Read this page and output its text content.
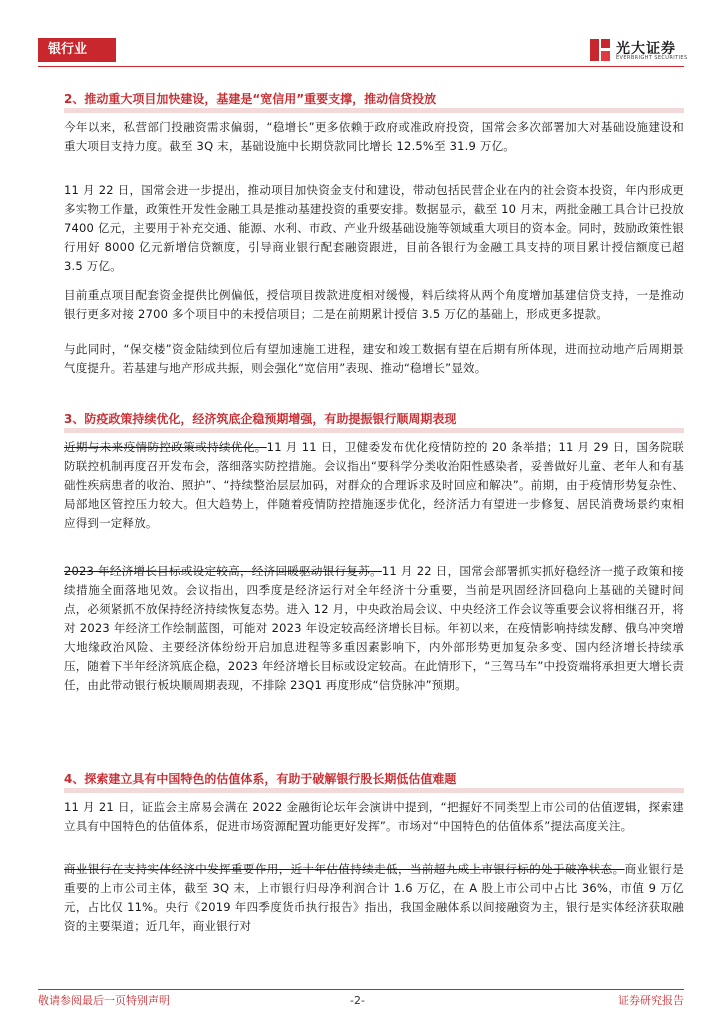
银行业	光大证券
EVERBRIGHT SECURITIES
2、推动重大项目加快建设，基建是“宽信用”重要支撑，推动信贷投放

今年以来，私营部门投融资需求偏弱，“稳增长”更多依赖于政府或准政府投资，国常会多次部署加大对基础设施建设和重大项目支持力度。截至 3Q 末，基础设施中长期贷款同比增长 12.5%至 31.9 万亿。

11 月 22 日，国常会进一步提出，推动项目加快资金支付和建设，带动包括民营企业在内的社会资本投资，年内形成更多实物工作量，政策性开发性金融工具是推动基建投资的重要安排。数据显示，截至 10 月末，两批金融工具合计已投放 7400 亿元，主要用于补充交通、能源、水利、市政、产业升级基础设施等领域重大项目的资本金。同时，鼓励政策性银行用好 8000 亿元新增信贷额度，引导商业银行配套融资跟进，目前各银行为金融工具支持的项目累计授信额度已超 3.5 万亿。

目前重点项目配套资金提供比例偏低，授信项目拨款进度相对缓慢，料后续将从两个角度增加基建信贷支持，一是推动银行更多对接 2700 多个项目中的未授信项目；二是在前期累计授信 3.5 万亿的基础上，形成更多提款。

与此同时，“保交楼”资金陆续到位后有望加速施工进程，建安和竣工数据有望在后期有所体现，进而拉动地产后周期景气度提升。若基建与地产形成共振，则会强化“宽信用”表现、推动“稳增长”显效。

3、防疫政策持续优化，经济筑底企稳预期增强，有助提振银行顺周期表现

近期与未来疫情防控政策或持续优化。11 月 11 日，卫健委发布优化疫情防控的 20 条举措；11 月 29 日，国务院联防联控机制再度召开发布会，落细落实防控措施。会议指出“要科学分类收治阳性感染者，妥善做好儿童、老年人和有基础性疾病患者的收治、照护”、“持续整治层层加码，对群众的合理诉求及时回应和解决”。前期，由于疫情形势复杂性、局部地区管控压力较大。但大趋势上，伴随着疫情防控措施逐步优化，经济活力有望进一步修复、居民消费场景约束相应得到一定释放。

2023 年经济增长目标或设定较高，经济回暖驱动银行复苏。11 月 22 日，国常会部署抓实抓好稳经济一揽子政策和接续措施全面落地见效。会议指出，四季度是经济运行对全年经济十分重要，当前是巩固经济回稳向上基础的关键时间点，必须紧抓不放保持经济持续恢复态势。进入 12 月，中央政治局会议、中央经济工作会议等重要会议将相继召开，将对 2023 年经济工作绘制蓝图，可能对 2023 年设定较高经济增长目标。年初以来，在疫情影响持续发酵、俄乌冲突增大地缘政治风险、主要经济体纷纷开启加息进程等多重因素影响下，内外部形势更加复杂多变、国内经济增长持续承压，随着下半年经济筑底企稳，2023 年经济增长目标或设定较高。在此情形下，“三驾马车”中投资端将承担更大增长责任，由此带动银行板块顺周期表现，不排除 23Q1 再度形成“信贷脉冲”预期。

4、探索建立具有中国特色的估值体系，有助于破解银行股长期低估值难题

11 月 21 日，证监会主席易会满在 2022 金融街论坛年会演讲中提到，“把握好不同类型上市公司的估值逻辑，探索建立具有中国特色的估值体系，促进市场资源配置功能更好发挥”。市场对“中国特色的估值体系”提法高度关注。

商业银行在支持实体经济中发挥重要作用，近十年估值持续走低，当前超九成上市银行标的处于破净状态。商业银行是重要的上市公司主体，截至 3Q 末，上市银行归母净利润合计 1.6 万亿，在 A 股上市公司中占比 36%，市值 9 万亿元，占比仅 11%。央行《2019 年四季度货币执行报告》指出，我国金融体系以间接融资为主，银行是实体经济获取融资的主要渠道；近几年，商业银行对

敬请参阅最后一页特别声明	-2-	证券研究报告
